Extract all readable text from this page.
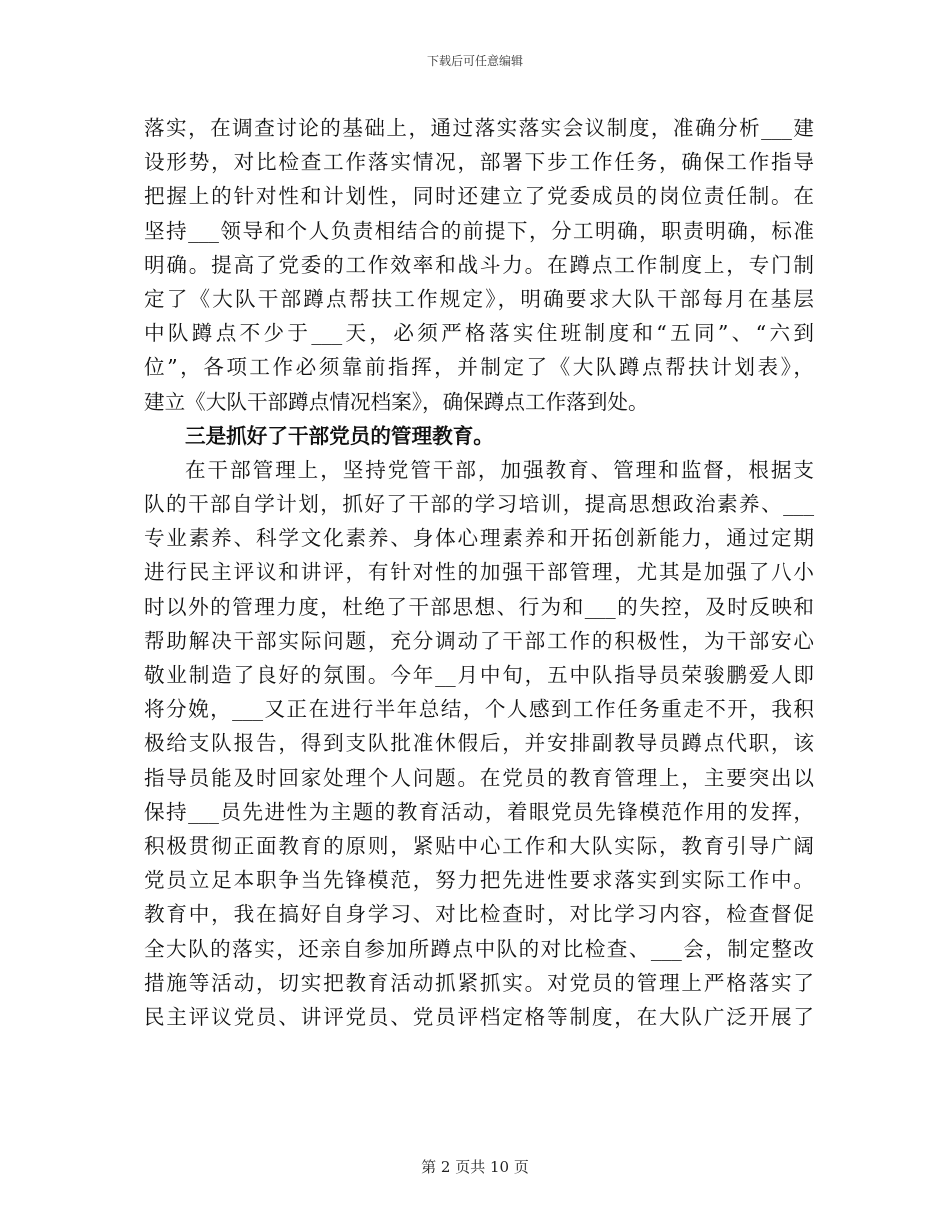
下载后可任意编辑
落实，在调查讨论的基础上，通过落实落实会议制度，准确分析___建
设形势，对比检查工作落实情况，部署下步工作任务，确保工作指导
把握上的针对性和计划性，同时还建立了党委成员的岗位责任制。在
坚持___领导和个人负责相结合的前提下，分工明确，职责明确，标准
明确。提高了党委的工作效率和战斗力。在蹲点工作制度上，专门制
定了《大队干部蹲点帮扶工作规定》，明确要求大队干部每月在基层
中队蹲点不少于___天，必须严格落实住班制度和“五同”、“六到
位”，各项工作必须靠前指挥，并制定了《大队蹲点帮扶计划表》，
建立《大队干部蹲点情况档案》，确保蹲点工作落到处。
三是抓好了干部党员的管理教育。
在干部管理上，坚持党管干部，加强教育、管理和监督，根据支
队的干部自学计划，抓好了干部的学习培训，提高思想政治素养、___
专业素养、科学文化素养、身体心理素养和开拓创新能力，通过定期
进行民主评议和讲评，有针对性的加强干部管理，尤其是加强了八小
时以外的管理力度，杜绝了干部思想、行为和___的失控，及时反映和
帮助解决干部实际问题，充分调动了干部工作的积极性，为干部安心
敬业制造了良好的氛围。今年__月中旬，五中队指导员荣骏鹏爱人即
将分娩，___又正在进行半年总结，个人感到工作任务重走不开，我积
极给支队报告，得到支队批准休假后，并安排副教导员蹲点代职，该
指导员能及时回家处理个人问题。在党员的教育管理上，主要突出以
保持___员先进性为主题的教育活动，着眼党员先锋模范作用的发挥，
积极贯彻正面教育的原则，紧贴中心工作和大队实际，教育引导广阔
党员立足本职争当先锋模范，努力把先进性要求落实到实际工作中。
教育中，我在搞好自身学习、对比检查时，对比学习内容，检查督促
全大队的落实，还亲自参加所蹲点中队的对比检查、___会，制定整改
措施等活动，切实把教育活动抓紧抓实。对党员的管理上严格落实了
民主评议党员、讲评党员、党员评档定格等制度，在大队广泛开展了
第 2 页共 10 页
